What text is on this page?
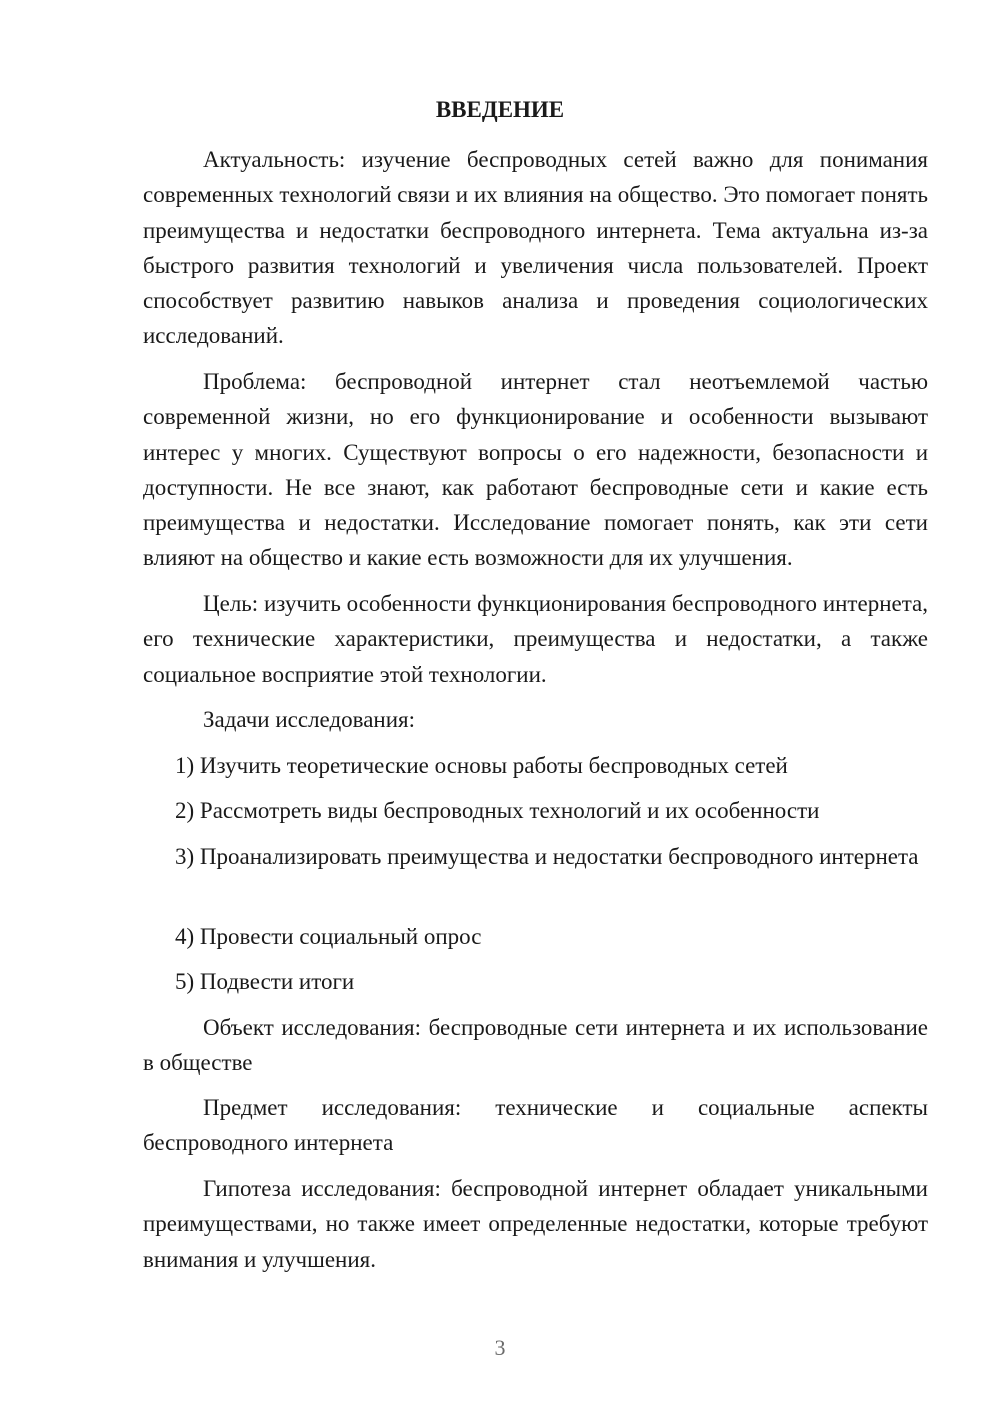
ВВЕДЕНИЕ

Актуальность: изучение беспроводных сетей важно для понимания современных технологий связи и их влияния на общество. Это помогает понять преимущества и недостатки беспроводного интернета. Тема актуальна из-за быстрого развития технологий и увеличения числа пользователей. Проект способствует развитию навыков анализа и проведения социологических исследований.

Проблема: беспроводной интернет стал неотъемлемой частью современной жизни, но его функционирование и особенности вызывают интерес у многих. Существуют вопросы о его надежности, безопасности и доступности. Не все знают, как работают беспроводные сети и какие есть преимущества и недостатки. Исследование помогает понять, как эти сети влияют на общество и какие есть возможности для их улучшения.

Цель: изучить особенности функционирования беспроводного интернета, его технические характеристики, преимущества и недостатки, а также социальное восприятие этой технологии.

Задачи исследования:

1) Изучить теоретические основы работы беспроводных сетей

2) Рассмотреть виды беспроводных технологий и их особенности

3) Проанализировать преимущества и недостатки беспроводного интернета

4) Провести социальный опрос

5) Подвести итоги

Объект исследования: беспроводные сети интернета и их использование в обществе

Предмет исследования: технические и социальные аспекты беспроводного интернета

Гипотеза исследования: беспроводной интернет обладает уникальными преимуществами, но также имеет определенные недостатки, которые требуют внимания и улучшения.

3
